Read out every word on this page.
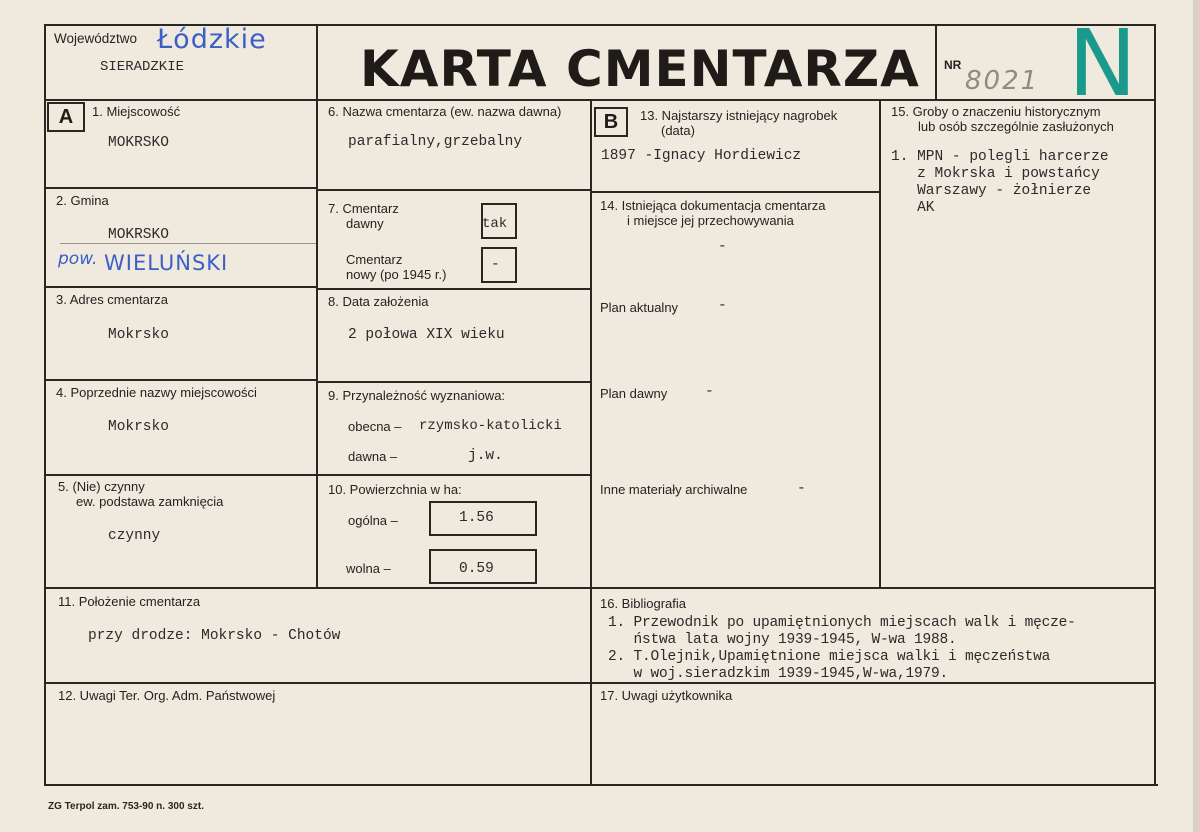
Województwo Łódzkie
SIERADZKIE	KARTA CMENTARZA NR
8021 N
A	1. Miejscowość
MOKRSKO
2. Gmina
MOKRSKO
pow. WIELUŃSKI
3. Adres cmentarza
Mokrsko
4. Poprzednie nazwy miejscowości
Mokrsko
5. (Nie) czynny
ew. podstawa zamknięcia
czynny
6. Nazwa cmentarza (ew. nazwa dawna)
parafialny,grzebalny
7. Cmentarz
dawny	tak
Cmentarz
nowy (po 1945 r.)
-
8. Data założenia
2 połowa XIX wieku
9. Przynależność wyznaniowa:
obecna – rzymsko-katolicki
dawna –	j.w.
10. Powierzchnia w ha:
ogólna –	1.56
wolna –	0.59
B	13. Najstarszy istniejący nagrobek
(data)
1897 -Ignacy Hordiewicz
14. Istniejąca dokumentacja cmentarza
i miejsce jej przechowywania
-
Plan aktualny	-
Plan dawny	-
Inne materiały archiwalne	-
15. Groby o znaczeniu historycznym
lub osób szczególnie zasłużonych
1. MPN - polegli harcerze
z Mokrska i powstańcy
Warszawy - żołnierze
AK
11. Położenie cmentarza
przy drodze: Mokrsko - Chotów
16. Bibliografia
1. Przewodnik po upamiętnionych miejscach walk i męcze-
ństwa lata wojny 1939-1945, W-wa 1988.
2. T.Olejnik,Upamiętnione miejsca walki i męczeństwa
w woj.sieradzkim 1939-1945,W-wa,1979.
12. Uwagi Ter. Org. Adm. Państwowej	17. Uwagi użytkownika
ZG Terpol zam. 753-90 n. 300 szt.
